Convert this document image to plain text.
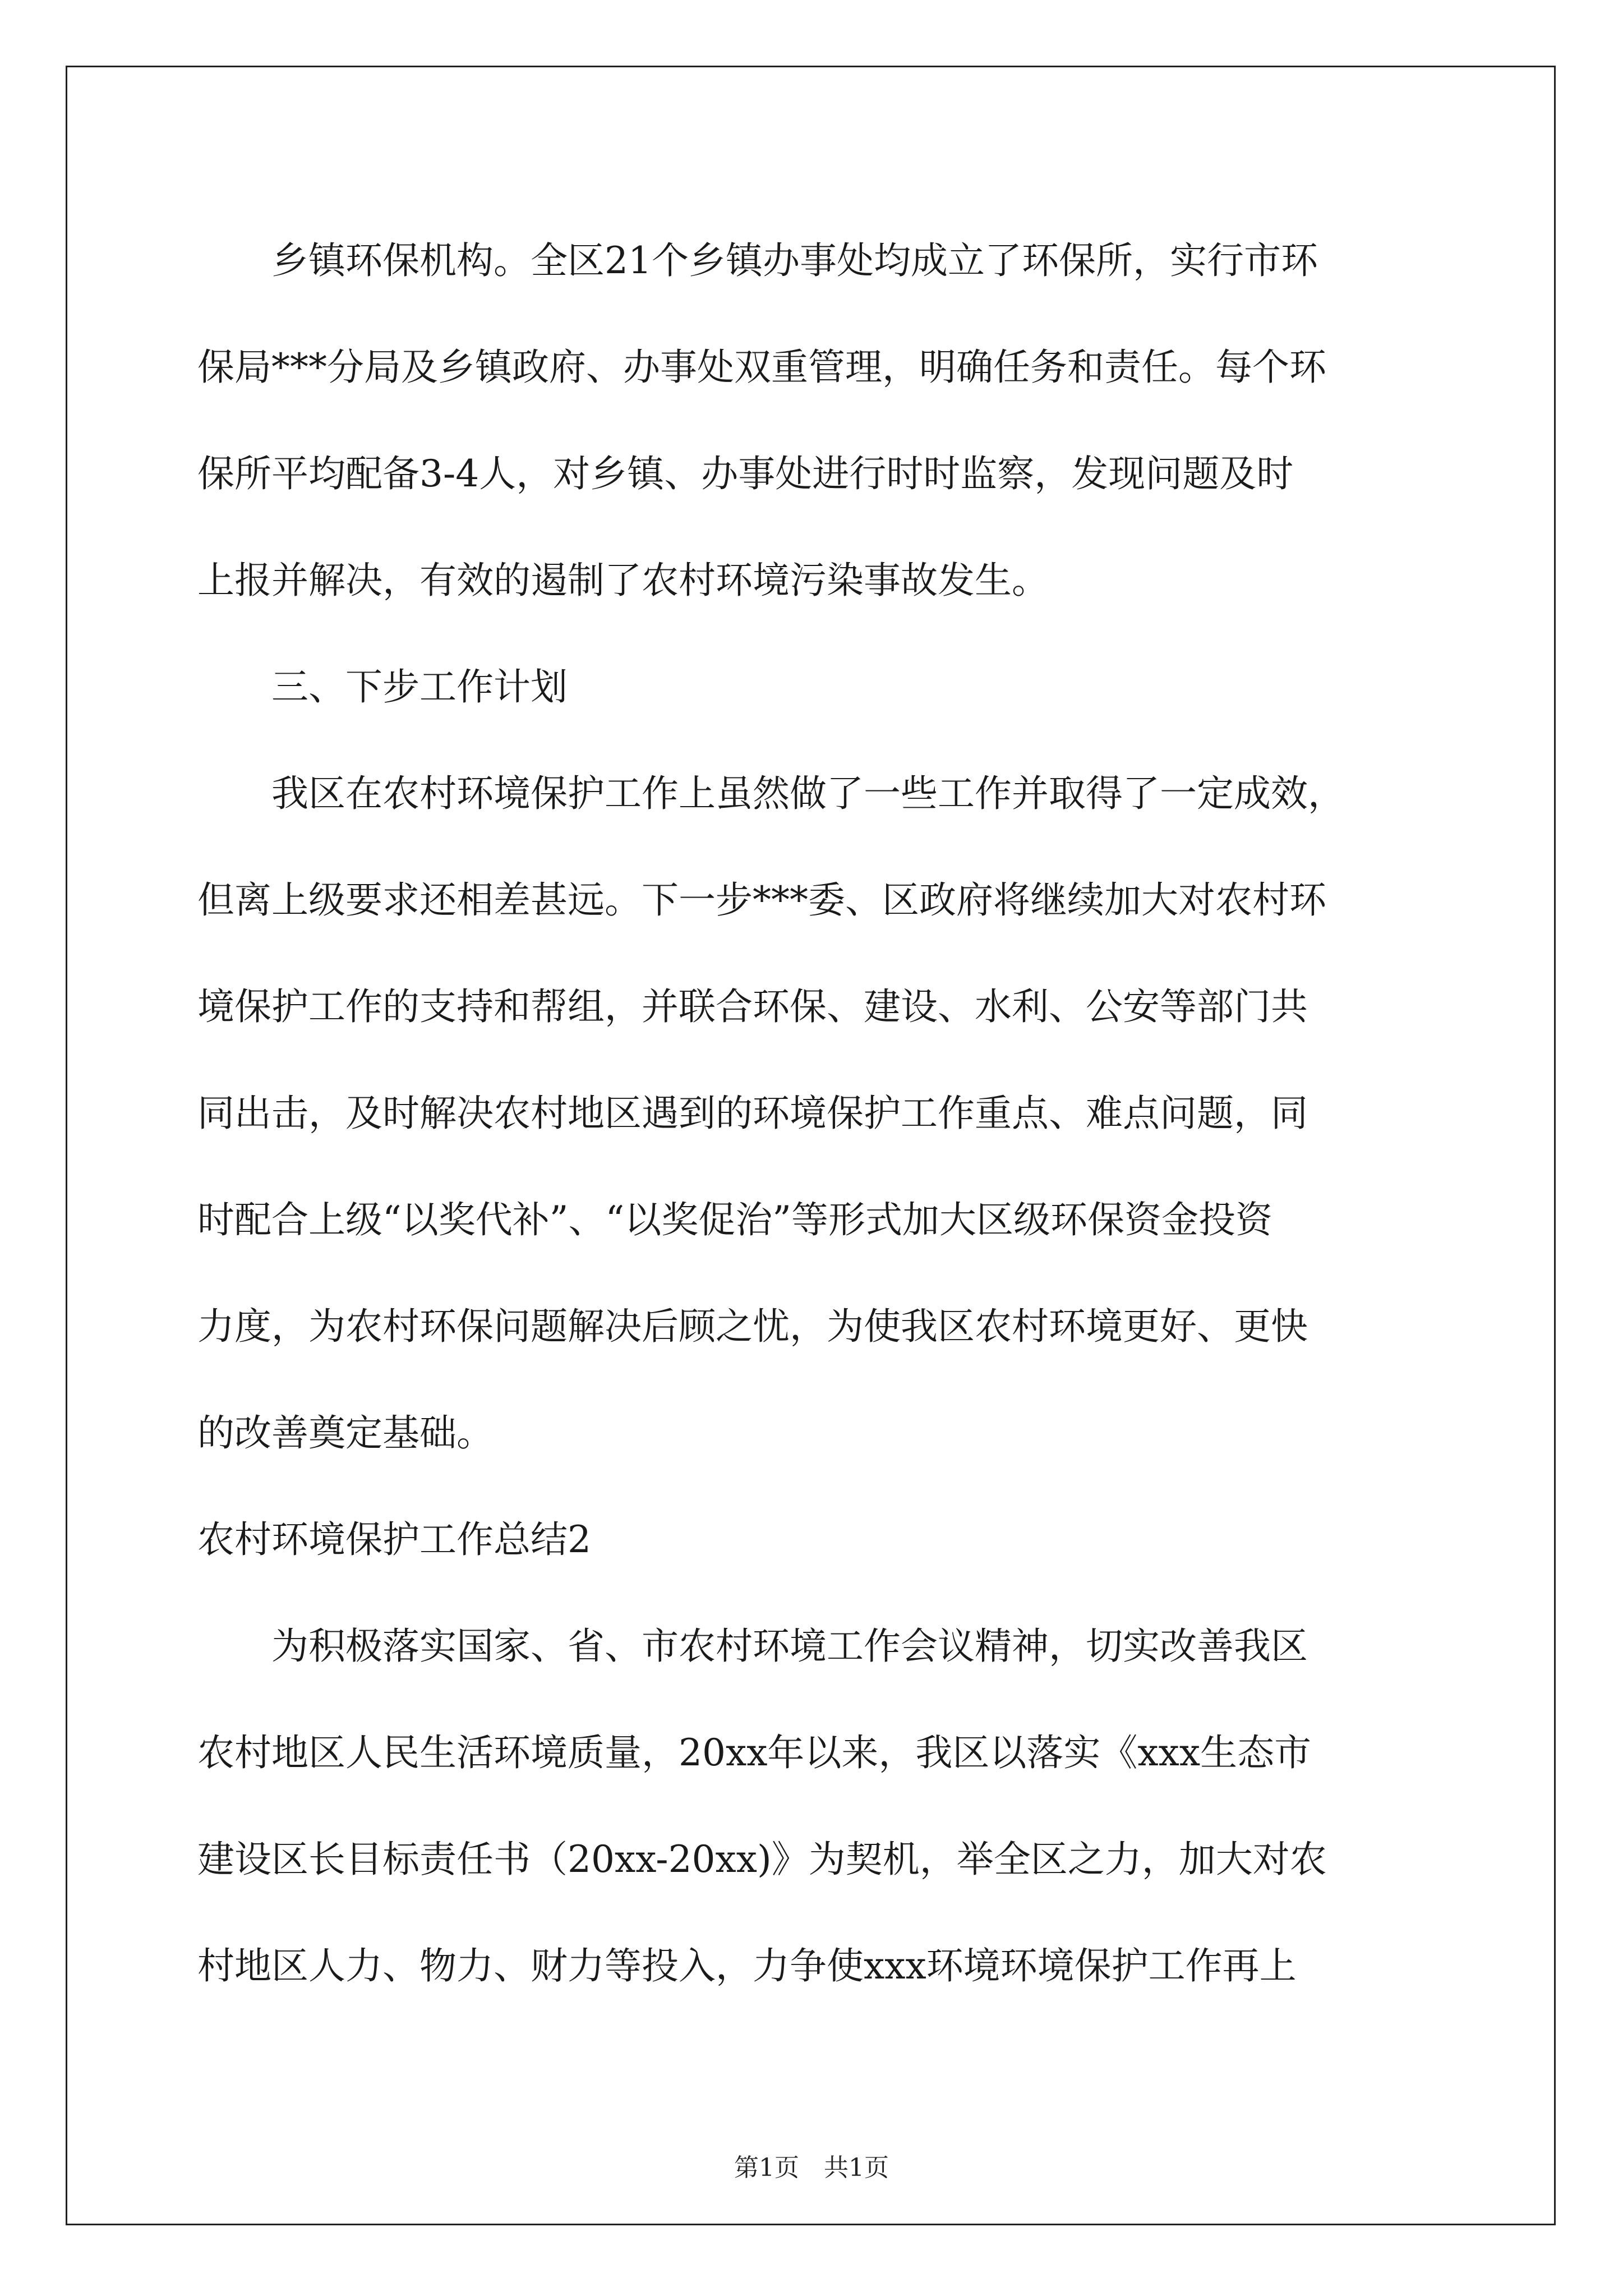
乡镇环保机构。全区21个乡镇办事处均成立了环保所，实行市环
保局***分局及乡镇政府、办事处双重管理，明确任务和责任。每个环
保所平均配备3-4人，对乡镇、办事处进行时时监察，发现问题及时
上报并解决，有效的遏制了农村环境污染事故发生。
三、下步工作计划
我区在农村环境保护工作上虽然做了一些工作并取得了一定成效，
但离上级要求还相差甚远。下一步***委、区政府将继续加大对农村环
境保护工作的支持和帮组，并联合环保、建设、水利、公安等部门共
同出击，及时解决农村地区遇到的环境保护工作重点、难点问题，同
时配合上级“以奖代补”、“以奖促治”等形式加大区级环保资金投资
力度，为农村环保问题解决后顾之忧，为使我区农村环境更好、更快
的改善奠定基础。
农村环境保护工作总结2
为积极落实国家、省、市农村环境工作会议精神，切实改善我区
农村地区人民生活环境质量，20xx年以来，我区以落实《xxx生态市
建设区长目标责任书（20xx-20xx)》为契机，举全区之力，加大对农
村地区人力、物力、财力等投入，力争使xxx环境环境保护工作再上
第1页　共1页
